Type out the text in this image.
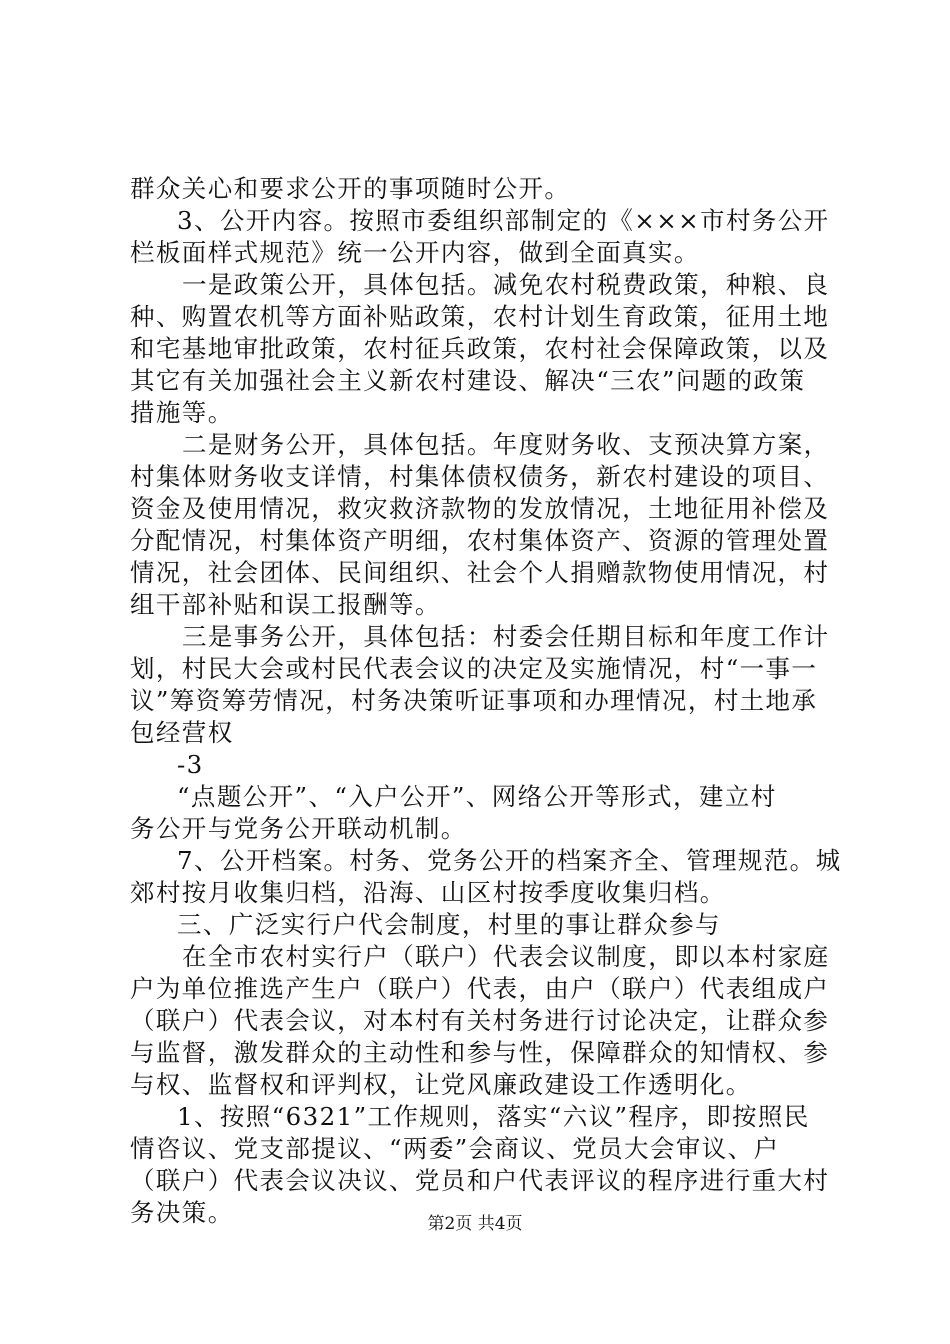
群众关心和要求公开的事项随时公开。
3、公开内容。按照市委组织部制定的《×××市村务公开
栏板面样式规范》统一公开内容，做到全面真实。
一是政策公开，具体包括。减免农村税费政策，种粮、良
种、购置农机等方面补贴政策，农村计划生育政策，征用土地
和宅基地审批政策，农村征兵政策，农村社会保障政策，以及
其它有关加强社会主义新农村建设、解决“三农”问题的政策
措施等。
二是财务公开，具体包括。年度财务收、支预决算方案，
村集体财务收支详情，村集体债权债务，新农村建设的项目、
资金及使用情况，救灾救济款物的发放情况，土地征用补偿及
分配情况，村集体资产明细，农村集体资产、资源的管理处置
情况，社会团体、民间组织、社会个人捐赠款物使用情况，村
组干部补贴和误工报酬等。
三是事务公开，具体包括：村委会任期目标和年度工作计
划，村民大会或村民代表会议的决定及实施情况，村“一事一
议”筹资筹劳情况，村务决策听证事项和办理情况，村土地承
包经营权
-3
“点题公开”、“入户公开”、网络公开等形式，建立村
务公开与党务公开联动机制。
7、公开档案。村务、党务公开的档案齐全、管理规范。城
郊村按月收集归档，沿海、山区村按季度收集归档。
三、广泛实行户代会制度，村里的事让群众参与
在全市农村实行户（联户）代表会议制度，即以本村家庭
户为单位推选产生户（联户）代表，由户（联户）代表组成户
（联户）代表会议，对本村有关村务进行讨论决定，让群众参
与监督，激发群众的主动性和参与性，保障群众的知情权、参
与权、监督权和评判权，让党风廉政建设工作透明化。
1、按照“6321”工作规则，落实“六议”程序，即按照民
情咨议、党支部提议、“两委”会商议、党员大会审议、户
（联户）代表会议决议、党员和户代表评议的程序进行重大村
务决策。	第2页 共4页
